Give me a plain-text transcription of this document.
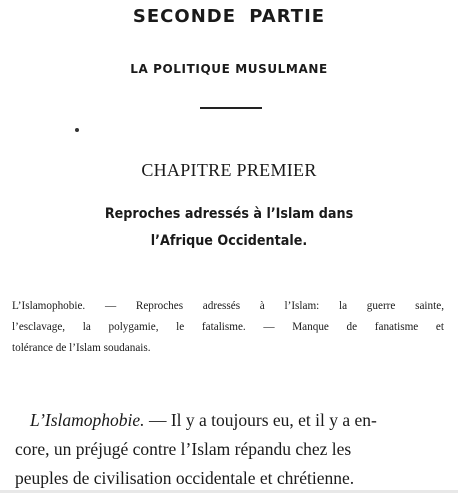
SECONDE PARTIE
LA POLITIQUE MUSULMANE
CHAPITRE PREMIER
Reproches adressés à l’Islam dans
l’Afrique Occidentale.
L’Islamophobie. — Reproches adressés à l’Islam: la guerre sainte,
l’esclavage, la polygamie, le fatalisme. — Manque de fanatisme et
tolérance de l’Islam soudanais.
L’Islamophobie. — Il y a toujours eu, et il y a en-
core, un préjugé contre l’Islam répandu chez les
peuples de civilisation occidentale et chrétienne.
